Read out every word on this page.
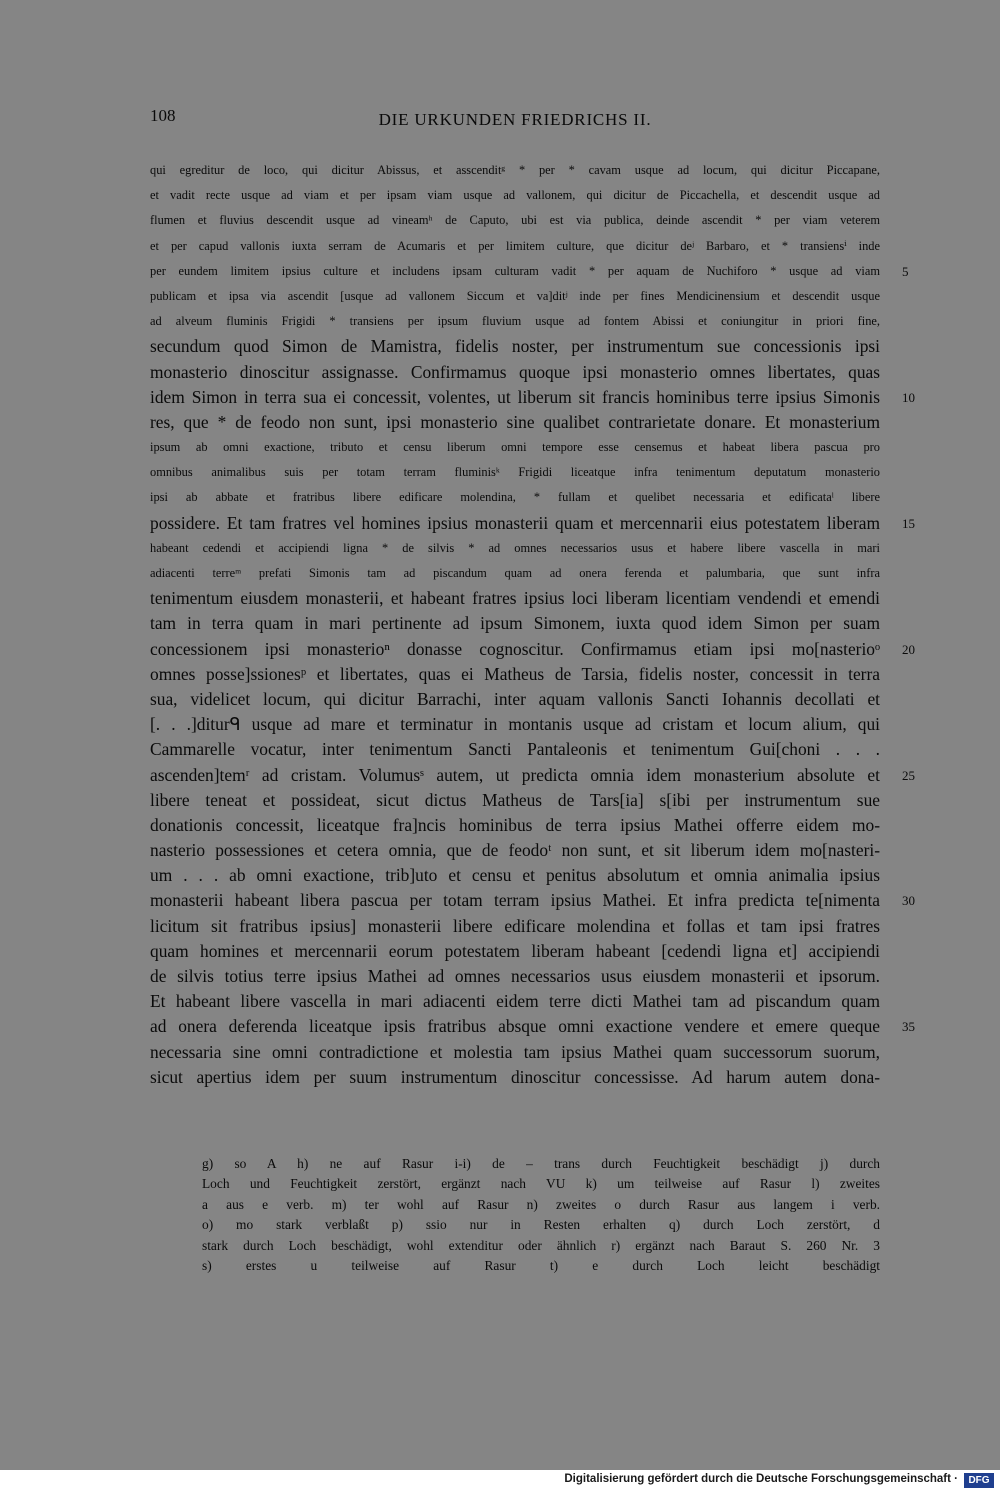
108	DIE URKUNDEN FRIEDRICHS II.
qui egreditur de loco, qui dicitur Abissus, et asscenditᵍ * per * cavam usque ad locum, qui dicitur Piccapane,
et vadit recte usque ad viam et per ipsam viam usque ad vallonem, qui dicitur de Piccachella, et descendit usque ad
flumen et fluvius descendit usque ad vineamʰ de Caputo, ubi est via publica, deinde ascendit * per viam veterem
et per capud vallonis iuxta serram de Acumaris et per limitem culture, que dicitur deʲ Barbaro, et * transiensⁱ inde
per eundem limitem ipsius culture et includens ipsam culturam vadit * per aquam de Nuchiforo * usque ad viam 5
publicam et ipsa via ascendit [usque ad vallonem Siccum et va]ditʲ inde per fines Mendicinensium et descendit usque
ad alveum fluminis Frigidi * transiens per ipsum fluvium usque ad fontem Abissi et coniungitur in priori fine,
secundum quod Simon de Mamistra, fidelis noster, per instrumentum sue concessionis ipsi
monasterio dinoscitur assignasse. Confirmamus quoque ipsi monasterio omnes libertates, quas
idem Simon in terra sua ei concessit, volentes, ut liberum sit francis hominibus terre ipsius Simonis 10
res, que * de feodo non sunt, ipsi monasterio sine qualibet contrarietate donare. Et monasterium
ipsum ab omni exactione, tributo et censu liberum omni tempore esse censemus et habeat libera pascua pro
omnibus animalibus suis per totam terram fluminisᵏ Frigidi liceatque infra tenimentum deputatum monasterio
ipsi ab abbate et fratribus libere edificare molendina, * fullam et quelibet necessaria et edificataˡ libere
possidere. Et tam fratres vel homines ipsius monasterii quam et mercennarii eius potestatem liberam 15
habeant cedendi et accipiendi ligna * de silvis * ad omnes necessarios usus et habere libere vascella in mari
adiacenti terreᵐ prefati Simonis tam ad piscandum quam ad onera ferenda et palumbaria, que sunt infra
tenimentum eiusdem monasterii, et habeant fratres ipsius loci liberam licentiam vendendi et emendi
tam in terra quam in mari pertinente ad ipsum Simonem, iuxta quod idem Simon per suam
concessionem ipsi monasterioⁿ donasse cognoscitur. Confirmamus etiam ipsi mo[nasterioᵒ 20
omnes posse]ssionesᵖ et libertates, quas ei Matheus de Tarsia, fidelis noster, concessit in terra
sua, videlicet locum, qui dicitur Barrachi, inter aquam vallonis Sancti Iohannis decollati et
[. . .]diturᑫ usque ad mare et terminatur in montanis usque ad cristam et locum alium, qui
Cammarelle vocatur, inter tenimentum Sancti Pantaleonis et tenimentum Gui[choni . . .
ascenden]temʳ ad cristam. Volumusˢ autem, ut predicta omnia idem monasterium absolute et 25
libere teneat et possideat, sicut dictus Matheus de Tars[ia] s[ibi per instrumentum sue
donationis concessit, liceatque fra]ncis hominibus de terra ipsius Mathei offerre eidem mo-
nasterio possessiones et cetera omnia, que de feodoᵗ non sunt, et sit liberum idem mo[nasteri-
um . . . ab omni exactione, trib]uto et censu et penitus absolutum et omnia animalia ipsius
monasterii habeant libera pascua per totam terram ipsius Mathei. Et infra predicta te[nimenta 30
licitum sit fratribus ipsius] monasterii libere edificare molendina et follas et tam ipsi fratres
quam homines et mercennarii eorum potestatem liberam habeant [cedendi ligna et] accipiendi
de silvis totius terre ipsius Mathei ad omnes necessarios usus eiusdem monasterii et ipsorum.
Et habeant libere vascella in mari adiacenti eidem terre dicti Mathei tam ad piscandum quam
ad onera deferenda liceatque ipsis fratribus absque omni exactione vendere et emere queque 35
necessaria sine omni contradictione et molestia tam ipsius Mathei quam successorum suorum,
sicut apertius idem per suum instrumentum dinoscitur concessisse. Ad harum autem dona-
g) so A h) ne auf Rasur i-i) de – trans durch Feuchtigkeit beschädigt j) durch
Loch und Feuchtigkeit zerstört, ergänzt nach VU k) um teilweise auf Rasur l) zweites
a aus e verb. m) ter wohl auf Rasur n) zweites o durch Rasur aus langem i verb.
o) mo stark verblaßt p) ssio nur in Resten erhalten q) durch Loch zerstört, d
stark durch Loch beschädigt, wohl extenditur oder ähnlich r) ergänzt nach Baraut S. 260 Nr. 3
s) erstes u teilweise auf Rasur t) e durch Loch leicht beschädigt
Digitalisierung gefördert durch die Deutsche Forschungsgemeinschaft ·	DFG
